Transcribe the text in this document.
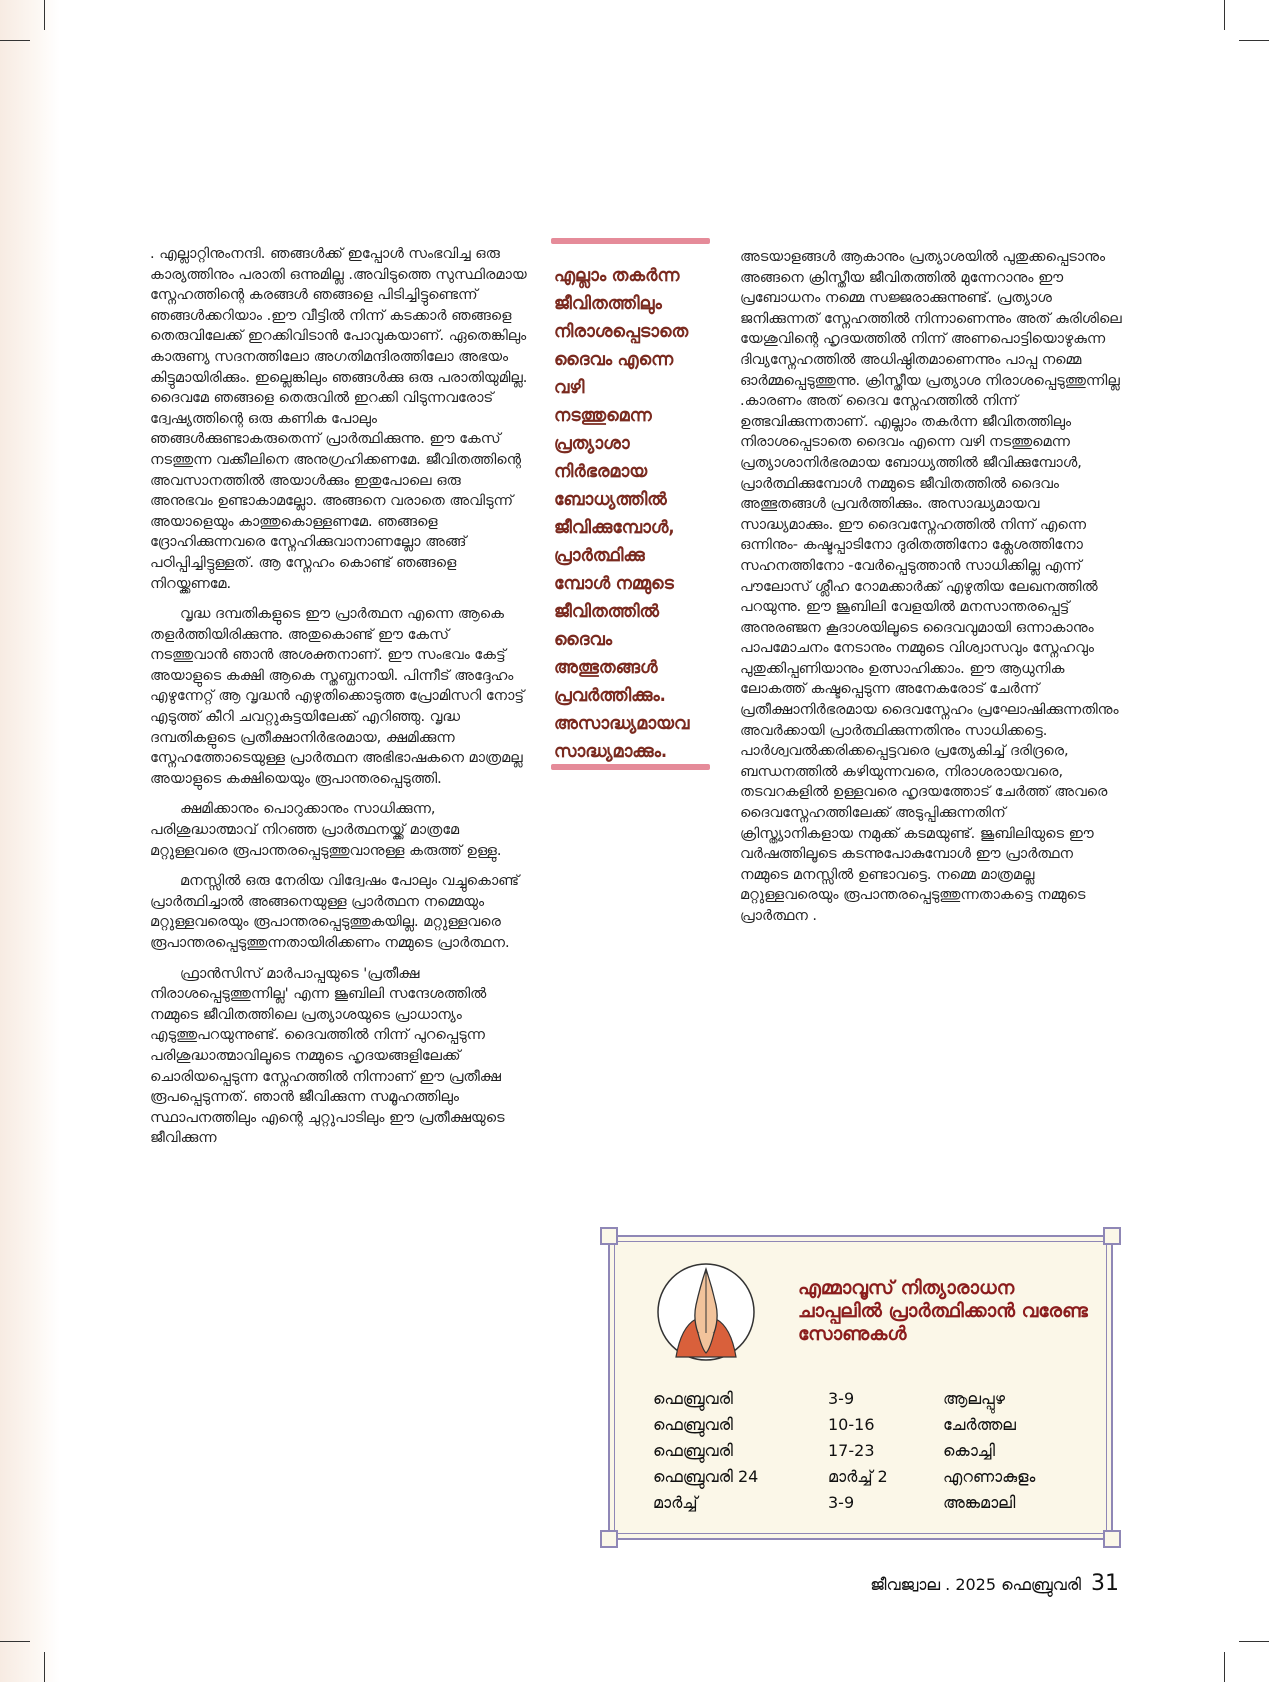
. എല്ലാറ്റിനുംനന്ദി. ഞങ്ങൾക്ക് ഇപ്പോൾ സംഭവിച്ച ഒരു കാര്യത്തിനും പരാതി ഒന്നുമില്ല .അവിടുത്തെ സുസ്ഥിരമായ സ്നേഹത്തിന്റെ കരങ്ങൾ ഞങ്ങളെ പിടിച്ചിട്ടുണ്ടെന്ന് ഞങ്ങൾക്കറിയാം .ഈ വീട്ടിൽ നിന്ന് കടക്കാർ ഞങ്ങളെ തെരുവിലേക്ക് ഇറക്കിവിടാൻ പോവുകയാണ്. ഏതെങ്കിലും കാരുണ്യ സദനത്തിലോ അഗതിമന്ദിരത്തിലോ അഭയം കിട്ടുമായിരിക്കും. ഇല്ലെങ്കിലും ഞങ്ങൾക്കു ഒരു പരാതിയുമില്ല. ദൈവമേ ഞങ്ങളെ തെരുവിൽ ഇറക്കി വിടുന്നവരോട് ദ്വേഷ്യത്തിന്റെ ഒരു കണിക പോലും ഞങ്ങൾക്കുണ്ടാകരുതെന്ന് പ്രാർത്ഥിക്കുന്നു. ഈ കേസ് നടത്തുന്ന വക്കീലിനെ അനുഗ്രഹിക്കണമേ. ജീവിതത്തിന്റെ അവസാനത്തിൽ അയാൾക്കും ഇതുപോലെ ഒരു അനുഭവം ഉണ്ടാകാമല്ലോ. അങ്ങനെ വരാതെ അവിടുന്ന് അയാളെയും കാത്തുകൊള്ളണമേ. ഞങ്ങളെ ദ്രോഹിക്കുന്നവരെ സ്നേഹിക്കുവാനാണല്ലോ അങ്ങ് പഠിപ്പിച്ചിട്ടുള്ളത്. ആ സ്നേഹം കൊണ്ട് ഞങ്ങളെ നിറയ്ക്കണമേ.

വൃദ്ധ ദമ്പതികളുടെ ഈ പ്രാർത്ഥന എന്നെ ആകെ തളർത്തിയിരിക്കുന്നു. അതുകൊണ്ട് ഈ കേസ് നടത്തുവാൻ ഞാൻ അശക്തനാണ്. ഈ സംഭവം കേട്ട് അയാളുടെ കക്ഷി ആകെ സ്തബ്ധനായി. പിന്നീട് അദ്ദേഹം എഴുന്നേറ്റ് ആ വൃദ്ധൻ എഴുതിക്കൊടുത്ത പ്രോമിസറി നോട്ട് എടുത്ത് കീറി ചവറ്റുകുട്ടയിലേക്ക് എറിഞ്ഞു. വൃദ്ധ ദമ്പതികളുടെ പ്രതീക്ഷാനിർഭരമായ, ക്ഷമിക്കുന്ന സ്നേഹത്തോടെയുള്ള പ്രാർത്ഥന അഭിഭാഷകനെ മാത്രമല്ല അയാളുടെ കക്ഷിയെയും രൂപാന്തരപ്പെടുത്തി.

ക്ഷമിക്കാനും പൊറുക്കാനും സാധിക്കുന്ന, പരിശുദ്ധാത്മാവ് നിറഞ്ഞ പ്രാർത്ഥനയ്ക്ക് മാത്രമേ മറ്റുള്ളവരെ രൂപാന്തരപ്പെടുത്തുവാനുള്ള കരുത്ത് ഉള്ളു.

മനസ്സിൽ ഒരു നേരിയ വിദ്വേഷം പോലും വച്ചുകൊണ്ട് പ്രാർത്ഥിച്ചാൽ അങ്ങനെയുള്ള പ്രാർത്ഥന നമ്മെയും മറ്റുള്ളവരെയും രൂപാന്തരപ്പെടുത്തുകയില്ല. മറ്റുള്ളവരെ രൂപാന്തരപ്പെടുത്തുന്നതായിരിക്കണം നമ്മുടെ പ്രാർത്ഥന.

ഫ്രാൻസിസ് മാർപാപ്പയുടെ 'പ്രതീക്ഷ നിരാശപ്പെടുത്തുന്നില്ല' എന്ന ജൂബിലി സന്ദേശത്തിൽ നമ്മുടെ ജീവിതത്തിലെ പ്രത്യാശയുടെ പ്രാധാന്യം എടുത്തുപറയുന്നുണ്ട്. ദൈവത്തിൽ നിന്ന് പുറപ്പെടുന്ന പരിശുദ്ധാത്മാവിലൂടെ നമ്മുടെ ഹൃദയങ്ങളിലേക്ക് ചൊരിയപ്പെടുന്ന സ്നേഹത്തിൽ നിന്നാണ് ഈ പ്രതീക്ഷ രൂപപ്പെടുന്നത്. ഞാൻ ജീവിക്കുന്ന സമൂഹത്തിലും സ്ഥാപനത്തിലും എന്റെ ചുറ്റുപാടിലും ഈ പ്രതീക്ഷയുടെ ജീവിക്കുന്ന

എല്ലാം തകർന്ന
ജീവിതത്തിലും
നിരാശപ്പെടാതെ
ദൈവം എന്നെ വഴി
നടത്തുമെന്ന
പ്രത്യാശാ
നിർഭരമായ
ബോധ്യത്തിൽ
ജീവിക്കുമ്പോൾ,
പ്രാർത്ഥിക്കു
മ്പോൾ നമ്മുടെ
ജീവിതത്തിൽ
ദൈവം
അത്ഭുതങ്ങൾ
പ്രവർത്തിക്കും.
അസാദ്ധ്യമായവ
സാദ്ധ്യമാക്കും.

അടയാളങ്ങൾ ആകാനും പ്രത്യാശയിൽ പുതുക്കപ്പെടാനും അങ്ങനെ ക്രിസ്തീയ ജീവിതത്തിൽ മുന്നേറാനും ഈ പ്രബോധനം നമ്മെ സജ്ജരാക്കുന്നുണ്ട്. പ്രത്യാശ ജനിക്കുന്നത് സ്നേഹത്തിൽ നിന്നാണെന്നും അത് കുരിശിലെ യേശുവിന്റെ ഹൃദയത്തിൽ നിന്ന് അണപൊട്ടിയൊഴുകുന്ന ദിവ്യസ്നേഹത്തിൽ അധിഷ്ഠിതമാണെന്നും പാപ്പ നമ്മെ ഓർമ്മപ്പെടുത്തുന്നു. ക്രിസ്തീയ പ്രത്യാശ നിരാശപ്പെടുത്തുന്നില്ല .കാരണം അത് ദൈവ സ്നേഹത്തിൽ നിന്ന് ഉത്ഭവിക്കുന്നതാണ്. എല്ലാം തകർന്ന ജീവിതത്തിലും നിരാശപ്പെടാതെ ദൈവം എന്നെ വഴി നടത്തുമെന്ന പ്രത്യാശാനിർഭരമായ ബോധ്യത്തിൽ ജീവിക്കുമ്പോൾ, പ്രാർത്ഥിക്കുമ്പോൾ നമ്മുടെ ജീവിതത്തിൽ ദൈവം അത്ഭുതങ്ങൾ പ്രവർത്തിക്കും. അസാദ്ധ്യമായവ സാദ്ധ്യമാക്കും. ഈ ദൈവസ്നേഹത്തിൽ നിന്ന് എന്നെ ഒന്നിനും- കഷ്ടപ്പാടിനോ ദുരിതത്തിനോ ക്ലേശത്തിനോ സഹനത്തിനോ -വേർപ്പെടുത്താൻ സാധിക്കില്ല എന്ന് പൗലോസ് ശ്ലീഹ റോമക്കാർക്ക് എഴുതിയ ലേഖനത്തിൽ പറയുന്നു. ഈ ജൂബിലി വേളയിൽ മനസാന്തരപ്പെട്ട് അനുരഞ്ജന കൂദാശയിലൂടെ ദൈവവുമായി ഒന്നാകാനും പാപമോചനം നേടാനും നമ്മുടെ വിശ്വാസവും സ്നേഹവും പുതുക്കിപ്പണിയാനും ഉത്സാഹിക്കാം. ഈ ആധുനിക ലോകത്ത് കഷ്ടപ്പെടുന്ന അനേകരോട് ചേർന്ന് പ്രതീക്ഷാനിർഭരമായ ദൈവസ്നേഹം പ്രഘോഷിക്കുന്നതിനും അവർക്കായി പ്രാർത്ഥിക്കുന്നതിനും സാധിക്കട്ടെ. പാർശ്വവൽക്കരിക്കപ്പെട്ടവരെ പ്രത്യേകിച്ച് ദരിദ്രരെ, ബന്ധനത്തിൽ കഴിയുന്നവരെ, നിരാശരായവരെ, തടവറകളിൽ ഉള്ളവരെ ഹൃദയത്തോട് ചേർത്ത് അവരെ ദൈവസ്നേഹത്തിലേക്ക് അടുപ്പിക്കുന്നതിന് ക്രിസ്ത്യാനികളായ നമുക്ക് കടമയുണ്ട്. ജൂബിലിയുടെ ഈ വർഷത്തിലൂടെ കടന്നുപോകുമ്പോൾ ഈ പ്രാർത്ഥന നമ്മുടെ മനസ്സിൽ ഉണ്ടാവട്ടെ. നമ്മെ മാത്രമല്ല മറ്റുള്ളവരെയും രൂപാന്തരപ്പെടുത്തുന്നതാകട്ടെ നമ്മുടെ പ്രാർത്ഥന .

എമ്മാവൂസ് നിത്യാരാധന ചാപ്പലിൽ പ്രാർത്ഥിക്കാൻ വരേണ്ട സോണുകൾ
ഫെബ്രുവരി	3-9	ആലപ്പുഴ
ഫെബ്രുവരി	10-16	ചേർത്തല
ഫെബ്രുവരി	17-23	കൊച്ചി
ഫെബ്രുവരി 24	മാർച്ച് 2	എറണാകുളം
മാർച്ച്	3-9	അങ്കമാലി
ജീവജ്വാല . 2025 ഫെബ്രുവരി 31
